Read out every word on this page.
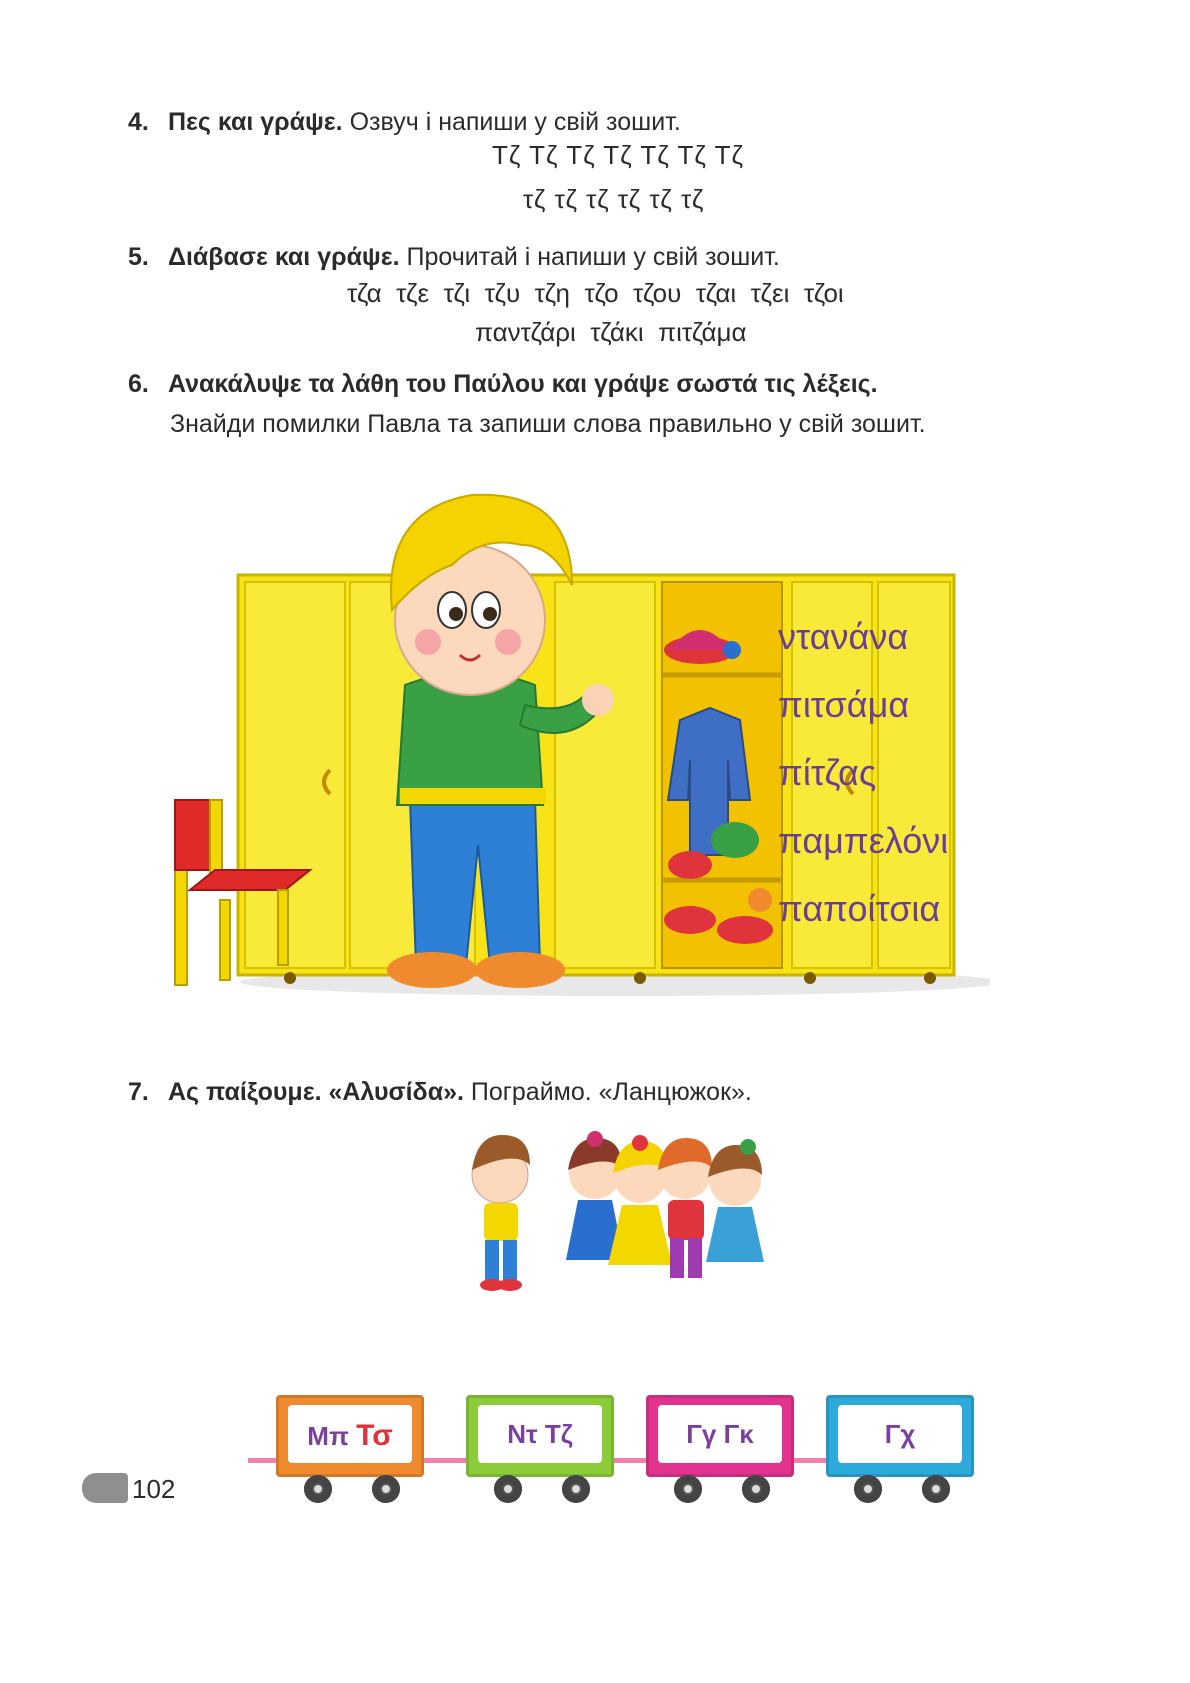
4. Πες και γράψε. Озвуч і напиши у свій зошит.
Τζ Τζ Τζ Τζ Τζ Τζ Τζ
τζ τζ τζ τζ τζ τζ
5. Διάβασε και γράψε. Прочитай і напиши у свій зошит.
τζα  τζε  τζι  τζυ  τζη  τζο  τζου  τζαι  τζει  τζοι
παντζάρι  τζάκι  πιτζάμα
6. Ανακάλυψε τα λάθη του Παύλου και γράψε σωστά τις λέξεις.
Знайди помилки Павла та запиши слова правильно у свій зошит.
ντανάνα
πιτσάμα
πίτζας
παμπελόνι
παποίτσια
7. Ας παίξουμε. «Αλυσίδα». Пограймо. «Ланцюжок».
Μπ Τσ	Ντ Τζ	Γγ Γκ	Γχ
102
